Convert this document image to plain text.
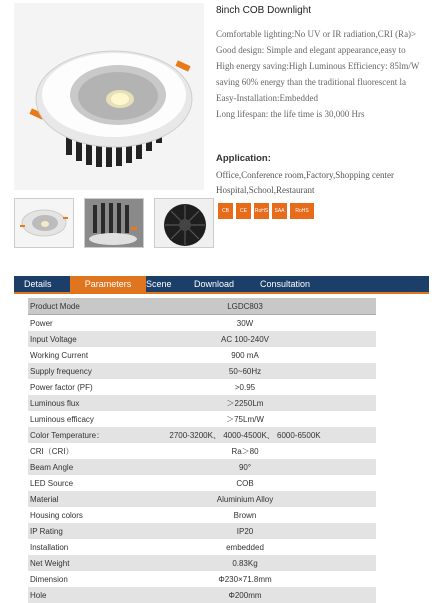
8inch COB Downlight
Comfortable lighting:No UV or IR radiation,CRI (Ra)>
Good design: Simple and elegant appearance,easy to
High energy saving:High Luminous Efficiency: 85lm/W
saving 60% energy than the traditional fluorescent la
Easy-Installation:Embedded
Long lifespan: the life time is 30,000 Hrs
Application:
Office,Conference room,Factory,Shopping center
Hospital,School,Restaurant
CB	CE	RoHS	SAA	RoHS
Details	Parameters	Scene Download	Consultation
Product Mode	LGDC803	
Power	30W	
Input Voltage	AC 100-240V	
Working Current	900 mA	
Supply frequency	50~60Hz	
Power factor (PF)	>0.95	
Luminous flux	＞2250Lm	
Luminous efficacy	＞75Lm/W	
Color Temperature：	2700-3200K、 4000-4500K、 6000-6500K	
CRI（CRI）	Ra＞80	
Beam Angle	90°	
LED Source	COB	
Material	Aluminium Alloy	
Housing colors	Brown	
IP Rating	IP20	
Installation	embedded	
Net Weight	0.83Kg	
Dimension	Φ230×71.8mm	
Hole	Φ200mm	
